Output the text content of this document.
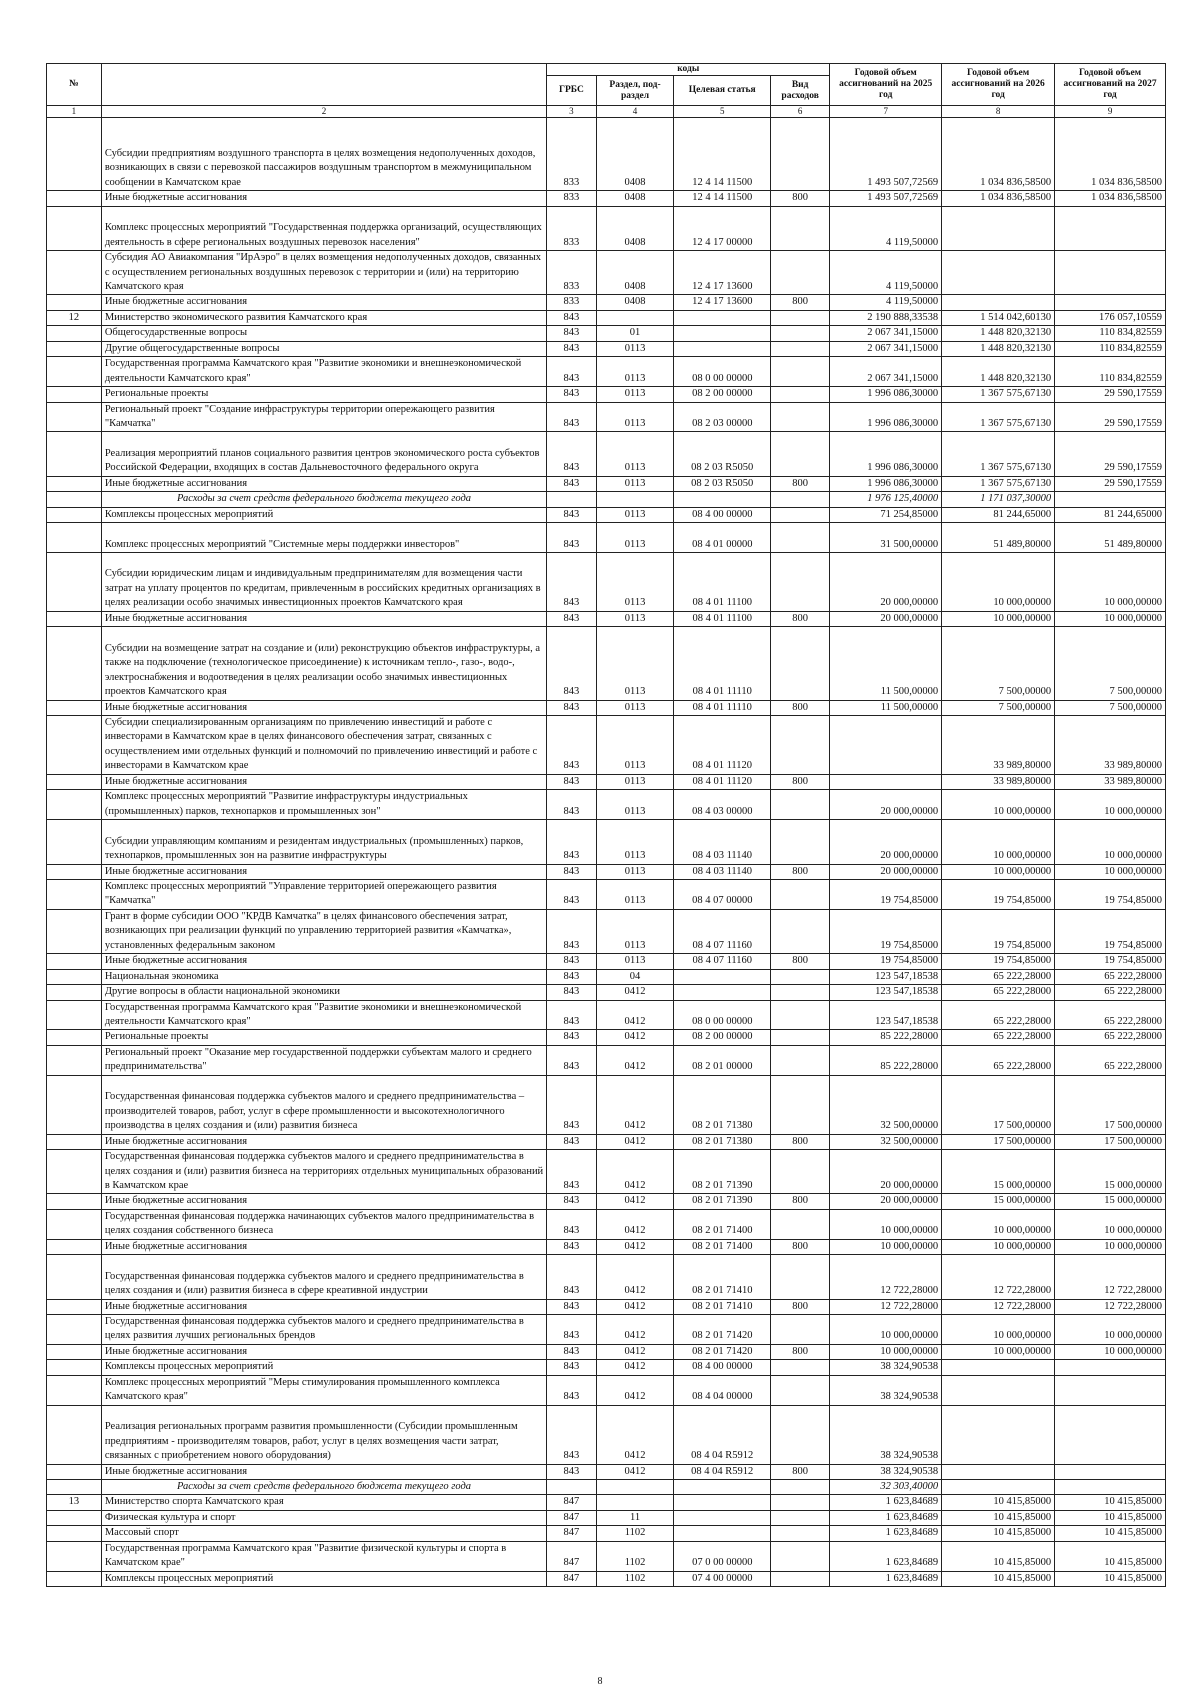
№		коды				Годовой объем ассигнований на 2025 год	Годовой объем ассигнований на 2026 год	Годовой объем ассигнований на 2027 год
		ГРБС	Раздел, под-раздел	Целевая статья	Вид расходов			
1	2	3	4	5	6	7	8	9
	Субсидии предприятиям воздушного транспорта в целях возмещения недополученных доходов, возникающих в связи с перевозкой пассажиров воздушным транспортом в межмуниципальном сообщении в Камчатском крае	833	0408	12 4 14 11500		1 493 507,72569	1 034 836,58500	1 034 836,58500
	Иные бюджетные ассигнования	833	0408	12 4 14 11500	800	1 493 507,72569	1 034 836,58500	1 034 836,58500
	Комплекс процессных мероприятий "Государственная поддержка организаций, осуществляющих деятельность в сфере региональных воздушных перевозок населения"	833	0408	12 4 17 00000		4 119,50000		
	Субсидия АО Авиакомпания "ИрАэро" в целях возмещения недополученных доходов, связанных с осуществлением региональных воздушных перевозок с территории и (или) на территорию Камчатского края	833	0408	12 4 17 13600		4 119,50000		
	Иные бюджетные ассигнования	833	0408	12 4 17 13600	800	4 119,50000		
12	Министерство экономического развития Камчатского края	843				2 190 888,33538	1 514 042,60130	176 057,10559
	Общегосударственные вопросы	843	01			2 067 341,15000	1 448 820,32130	110 834,82559
	Другие общегосударственные вопросы	843	0113			2 067 341,15000	1 448 820,32130	110 834,82559
	Государственная программа Камчатского края "Развитие экономики и внешнеэкономической деятельности Камчатского края"	843	0113	08 0 00 00000		2 067 341,15000	1 448 820,32130	110 834,82559
	Региональные проекты	843	0113	08 2 00 00000		1 996 086,30000	1 367 575,67130	29 590,17559
	Региональный проект "Создание инфраструктуры территории опережающего развития "Камчатка"	843	0113	08 2 03 00000		1 996 086,30000	1 367 575,67130	29 590,17559
	Реализация мероприятий планов социального развития центров экономического роста субъектов Российской Федерации, входящих в состав Дальневосточного федерального округа	843	0113	08 2 03 R5050		1 996 086,30000	1 367 575,67130	29 590,17559
	Иные бюджетные ассигнования	843	0113	08 2 03 R5050	800	1 996 086,30000	1 367 575,67130	29 590,17559
	Расходы за счет средств федерального бюджета текущего года					1 976 125,40000	1 171 037,30000	
	Комплексы процессных мероприятий	843	0113	08 4 00 00000		71 254,85000	81 244,65000	81 244,65000
	Комплекс процессных мероприятий "Системные меры поддержки инвесторов"	843	0113	08 4 01 00000		31 500,00000	51 489,80000	51 489,80000
	Субсидии юридическим лицам и индивидуальным предпринимателям для возмещения части затрат на уплату процентов по кредитам, привлеченным в российских кредитных организациях в целях реализации особо значимых инвестиционных проектов Камчатского края	843	0113	08 4 01 11100		20 000,00000	10 000,00000	10 000,00000
	Иные бюджетные ассигнования	843	0113	08 4 01 11100	800	20 000,00000	10 000,00000	10 000,00000
	Субсидии на возмещение затрат на создание и (или) реконструкцию объектов инфраструктуры, а также на подключение (технологическое присоединение) к источникам тепло-, газо-, водо-, электроснабжения и водоотведения в целях реализации особо значимых инвестиционных проектов Камчатского края	843	0113	08 4 01 11110		11 500,00000	7 500,00000	7 500,00000
	Иные бюджетные ассигнования	843	0113	08 4 01 11110	800	11 500,00000	7 500,00000	7 500,00000
	Субсидии специализированным организациям по привлечению инвестиций и работе с инвесторами в Камчатском крае в целях финансового обеспечения затрат, связанных с осуществлением ими отдельных функций и полномочий по привлечению инвестиций и работе с инвесторами в Камчатском крае	843	0113	08 4 01 11120			33 989,80000	33 989,80000
	Иные бюджетные ассигнования	843	0113	08 4 01 11120	800		33 989,80000	33 989,80000
	Комплекс процессных мероприятий "Развитие инфраструктуры индустриальных (промышленных) парков, технопарков и промышленных зон"	843	0113	08 4 03 00000		20 000,00000	10 000,00000	10 000,00000
	Субсидии управляющим компаниям и резидентам индустриальных (промышленных) парков, технопарков, промышленных зон на развитие инфраструктуры	843	0113	08 4 03 11140		20 000,00000	10 000,00000	10 000,00000
	Иные бюджетные ассигнования	843	0113	08 4 03 11140	800	20 000,00000	10 000,00000	10 000,00000
	Комплекс процессных мероприятий "Управление территорией опережающего развития "Камчатка"	843	0113	08 4 07 00000		19 754,85000	19 754,85000	19 754,85000
	Грант в форме субсидии ООО "КРДВ Камчатка" в целях финансового обеспечения затрат, возникающих при реализации функций по управлению территорией развития «Камчатка», установленных федеральным законом	843	0113	08 4 07 11160		19 754,85000	19 754,85000	19 754,85000
	Иные бюджетные ассигнования	843	0113	08 4 07 11160	800	19 754,85000	19 754,85000	19 754,85000
	Национальная экономика	843	04			123 547,18538	65 222,28000	65 222,28000
	Другие вопросы в области национальной экономики	843	0412			123 547,18538	65 222,28000	65 222,28000
	Государственная программа Камчатского края "Развитие экономики и внешнеэкономической деятельности Камчатского края"	843	0412	08 0 00 00000		123 547,18538	65 222,28000	65 222,28000
	Региональные проекты	843	0412	08 2 00 00000		85 222,28000	65 222,28000	65 222,28000
	Региональный проект "Оказание мер государственной поддержки субъектам малого и среднего предпринимательства"	843	0412	08 2 01 00000		85 222,28000	65 222,28000	65 222,28000
	Государственная финансовая поддержка субъектов малого и среднего предпринимательства – производителей товаров, работ, услуг в сфере промышленности и высокотехнологичного производства в целях создания и (или) развития бизнеса	843	0412	08 2 01 71380		32 500,00000	17 500,00000	17 500,00000
	Иные бюджетные ассигнования	843	0412	08 2 01 71380	800	32 500,00000	17 500,00000	17 500,00000
	Государственная финансовая поддержка субъектов малого и среднего предпринимательства в целях создания и (или) развития бизнеса на территориях отдельных муниципальных образований в Камчатском крае	843	0412	08 2 01 71390		20 000,00000	15 000,00000	15 000,00000
	Иные бюджетные ассигнования	843	0412	08 2 01 71390	800	20 000,00000	15 000,00000	15 000,00000
	Государственная финансовая поддержка начинающих субъектов малого предпринимательства в целях создания собственного бизнеса	843	0412	08 2 01 71400		10 000,00000	10 000,00000	10 000,00000
	Иные бюджетные ассигнования	843	0412	08 2 01 71400	800	10 000,00000	10 000,00000	10 000,00000
	Государственная финансовая поддержка субъектов малого и среднего предпринимательства в целях создания и (или) развития бизнеса в сфере креативной индустрии	843	0412	08 2 01 71410		12 722,28000	12 722,28000	12 722,28000
	Иные бюджетные ассигнования	843	0412	08 2 01 71410	800	12 722,28000	12 722,28000	12 722,28000
	Государственная финансовая поддержка субъектов малого и среднего предпринимательства в целях развития лучших региональных брендов	843	0412	08 2 01 71420		10 000,00000	10 000,00000	10 000,00000
	Иные бюджетные ассигнования	843	0412	08 2 01 71420	800	10 000,00000	10 000,00000	10 000,00000
	Комплексы процессных мероприятий	843	0412	08 4 00 00000		38 324,90538		
	Комплекс процессных мероприятий "Меры стимулирования промышленного комплекса Камчатского края"	843	0412	08 4 04 00000		38 324,90538		
	Реализация региональных программ развития промышленности (Субсидии промышленным предприятиям - производителям товаров, работ, услуг в целях возмещения части затрат, связанных с приобретением нового оборудования)	843	0412	08 4 04 R5912		38 324,90538		
	Иные бюджетные ассигнования	843	0412	08 4 04 R5912	800	38 324,90538		
	Расходы за счет средств федерального бюджета текущего года					32 303,40000		
13	Министерство спорта Камчатского края	847				1 623,84689	10 415,85000	10 415,85000
	Физическая культура и спорт	847	11			1 623,84689	10 415,85000	10 415,85000
	Массовый спорт	847	1102			1 623,84689	10 415,85000	10 415,85000
	Государственная программа Камчатского края "Развитие физической культуры и спорта в Камчатском крае"	847	1102	07 0 00 00000		1 623,84689	10 415,85000	10 415,85000
	Комплексы процессных мероприятий	847	1102	07 4 00 00000		1 623,84689	10 415,85000	10 415,85000
8
